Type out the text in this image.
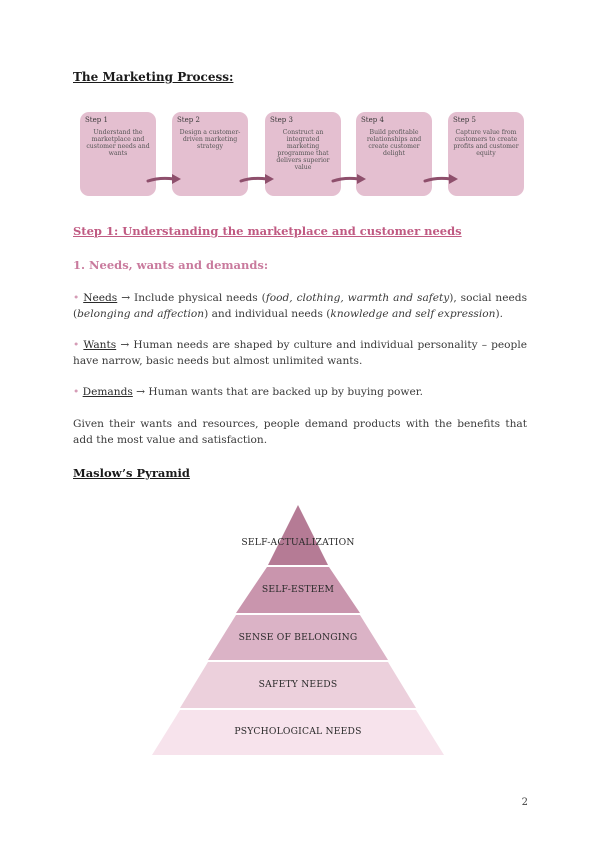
The Marketing Process:
Step 1
Understand the marketplace and customer needs and wants
Step 2
Design a customer-driven marketing strategy
Step 3
Construct an integrated marketing programme that delivers superior value
Step 4
Build profitable relationships and create customer delight
Step 5
Capture value from customers to create profits and customer equity
Step 1: Understanding the marketplace and customer needs
1. Needs, wants and demands:

• Needs → Include physical needs (food, clothing, warmth and safety), social needs (belonging and affection) and individual needs (knowledge and self expression).

• Wants → Human needs are shaped by culture and individual personality – people have narrow, basic needs but almost unlimited wants.

• Demands → Human wants that are backed up by buying power.

Given their wants and resources, people demand products with the benefits that add the most value and satisfaction.

Maslow’s Pyramid
SELF-ACTUALIZATION
SELF-ESTEEM
SENSE OF BELONGING
SAFETY NEEDS
PSYCHOLOGICAL NEEDS
2
